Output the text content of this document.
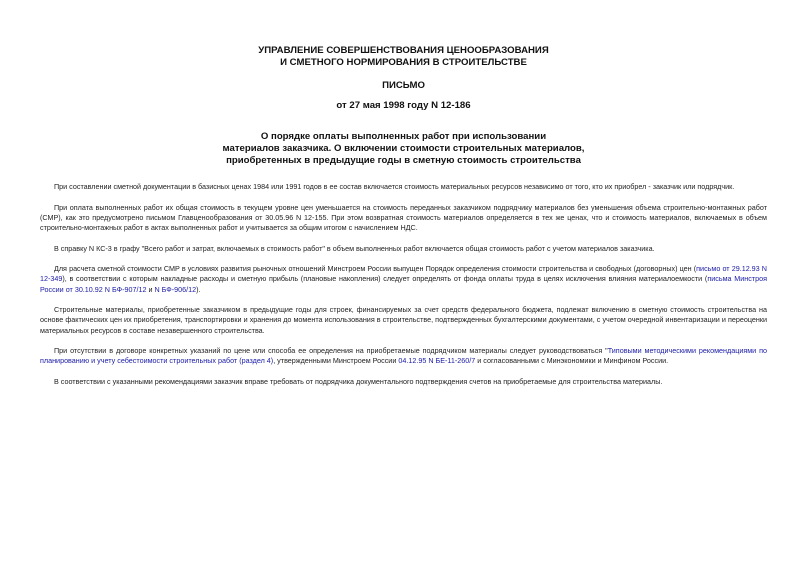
УПРАВЛЕНИЕ СОВЕРШЕНСТВОВАНИЯ ЦЕНООБРАЗОВАНИЯ
И СМЕТНОГО НОРМИРОВАНИЯ В СТРОИТЕЛЬСТВЕ
ПИСЬМО
от 27 мая 1998 году N 12-186
О порядке оплаты выполненных работ при использовании
материалов заказчика. О включении стоимости строительных материалов,
приобретенных в предыдущие годы в сметную стоимость строительства

При составлении сметной документации в базисных ценах 1984 или 1991 годов в ее состав включается стоимость материальных ресурсов независимо от того, кто их приобрел - заказчик или подрядчик.

При оплата выполненных работ их общая стоимость в текущем уровне цен уменьшается на стоимость переданных заказчиком подрядчику материалов без уменьшения объема строительно-монтажных работ (СМР), как это предусмотрено письмом Главценообразования от 30.05.96 N 12-155. При этом возвратная стоимость материалов определяется в тех же ценах, что и стоимость материалов, включаемых в объем строительно-монтажных работ в актах выполненных работ и учитывается за общим итогом с начислением НДС.

В справку N КС-3 в графу "Всего работ и затрат, включаемых в стоимость работ" в объем выполненных работ включается общая стоимость работ с учетом материалов заказчика.

Для расчета сметной стоимости СМР в условиях развития рыночных отношений Минстроем России выпущен Порядок определения стоимости строительства и свободных (договорных) цен (письмо от 29.12.93 N 12-349), в соответствии с которым накладные расходы и сметную прибыль (плановые накопления) следует определять от фонда оплаты труда в целях исключения влияния материалоемкости (письма Минстроя России от 30.10.92 N БФ-907/12 и N БФ-906/12).

Строительные материалы, приобретенные заказчиком в предыдущие годы для строек, финансируемых за счет средств федерального бюджета, подлежат включению в сметную стоимость строительства на основе фактических цен их приобретения, транспортировки и хранения до момента использования в строительстве, подтвержденных бухгалтерскими документами, с учетом очередной инвентаризации и переоценки материальных ресурсов в составе незавершенного строительства.

При отсутствии в договоре конкретных указаний по цене или способа ее определения на приобретаемые подрядчиком материалы следует руководствоваться "Типовыми методическими рекомендациями по планированию и учету себестоимости строительных работ (раздел 4), утвержденными Минстроем России 04.12.95 N БЕ-11-260/7 и согласованными с Минэкономики и Минфином России.

В соответствии с указанными рекомендациями заказчик вправе требовать от подрядчика документального подтверждения счетов на приобретаемые для строительства материалы.
